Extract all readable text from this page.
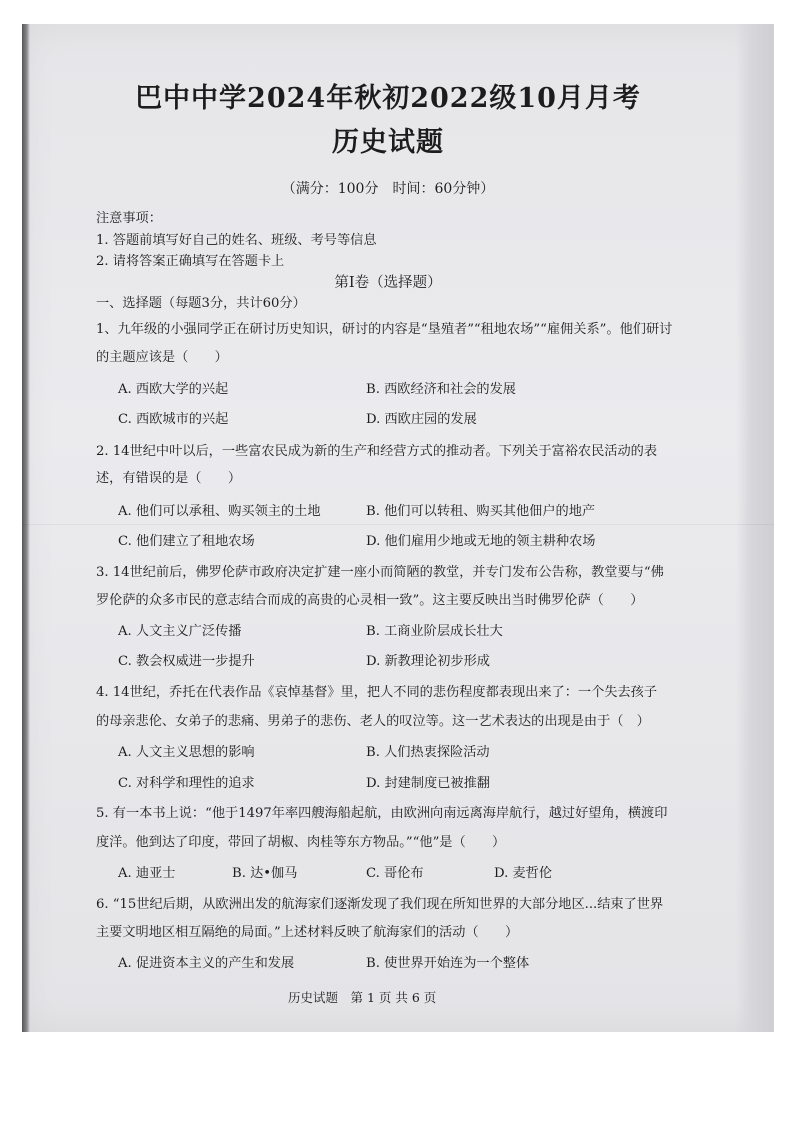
巴中中学2024年秋初2022级10月月考
历史试题
（满分：100分　时间：60分钟）
注意事项：
1. 答题前填写好自己的姓名、班级、考号等信息
2. 请将答案正确填写在答题卡上
第Ⅰ卷（选择题）
一、选择题（每题3分，共计60分）
1、九年级的小强同学正在研讨历史知识，研讨的内容是“垦殖者”“租地农场”“雇佣关系”。他们研讨
的主题应该是（　　）
A. 西欧大学的兴起	B. 西欧经济和社会的发展
C. 西欧城市的兴起	D. 西欧庄园的发展
2. 14世纪中叶以后，一些富农民成为新的生产和经营方式的推动者。下列关于富裕农民活动的表
述，有错误的是（　　）
A. 他们可以承租、购买领主的土地	B. 他们可以转租、购买其他佃户的地产
C. 他们建立了租地农场	D. 他们雇用少地或无地的领主耕种农场
3. 14世纪前后，佛罗伦萨市政府决定扩建一座小而简陋的教堂，并专门发布公告称，教堂要与“佛
罗伦萨的众多市民的意志结合而成的高贵的心灵相一致”。这主要反映出当时佛罗伦萨（　　）
A. 人文主义广泛传播	B. 工商业阶层成长壮大
C. 教会权威进一步提升	D. 新教理论初步形成
4. 14世纪，乔托在代表作品《哀悼基督》里，把人不同的悲伤程度都表现出来了：一个失去孩子
的母亲悲伦、女弟子的悲痛、男弟子的悲伤、老人的叹泣等。这一艺术表达的出现是由于（　）
A. 人文主义思想的影响	B. 人们热衷探险活动
C. 对科学和理性的追求	D. 封建制度已被推翻
5. 有一本书上说：“他于1497年率四艘海船起航，由欧洲向南远离海岸航行，越过好望角，横渡印
度洋。他到达了印度，带回了胡椒、肉桂等东方物品。”“他”是（　　）
A. 迪亚士	B. 达•伽马	C. 哥伦布	D. 麦哲伦
6. “15世纪后期，从欧洲出发的航海家们逐渐发现了我们现在所知世界的大部分地区...结束了世界
主要文明地区相互隔绝的局面。”上述材料反映了航海家们的活动（　　）
A. 促进资本主义的产生和发展	B. 使世界开始连为一个整体
历史试题　第 1 页 共 6 页
